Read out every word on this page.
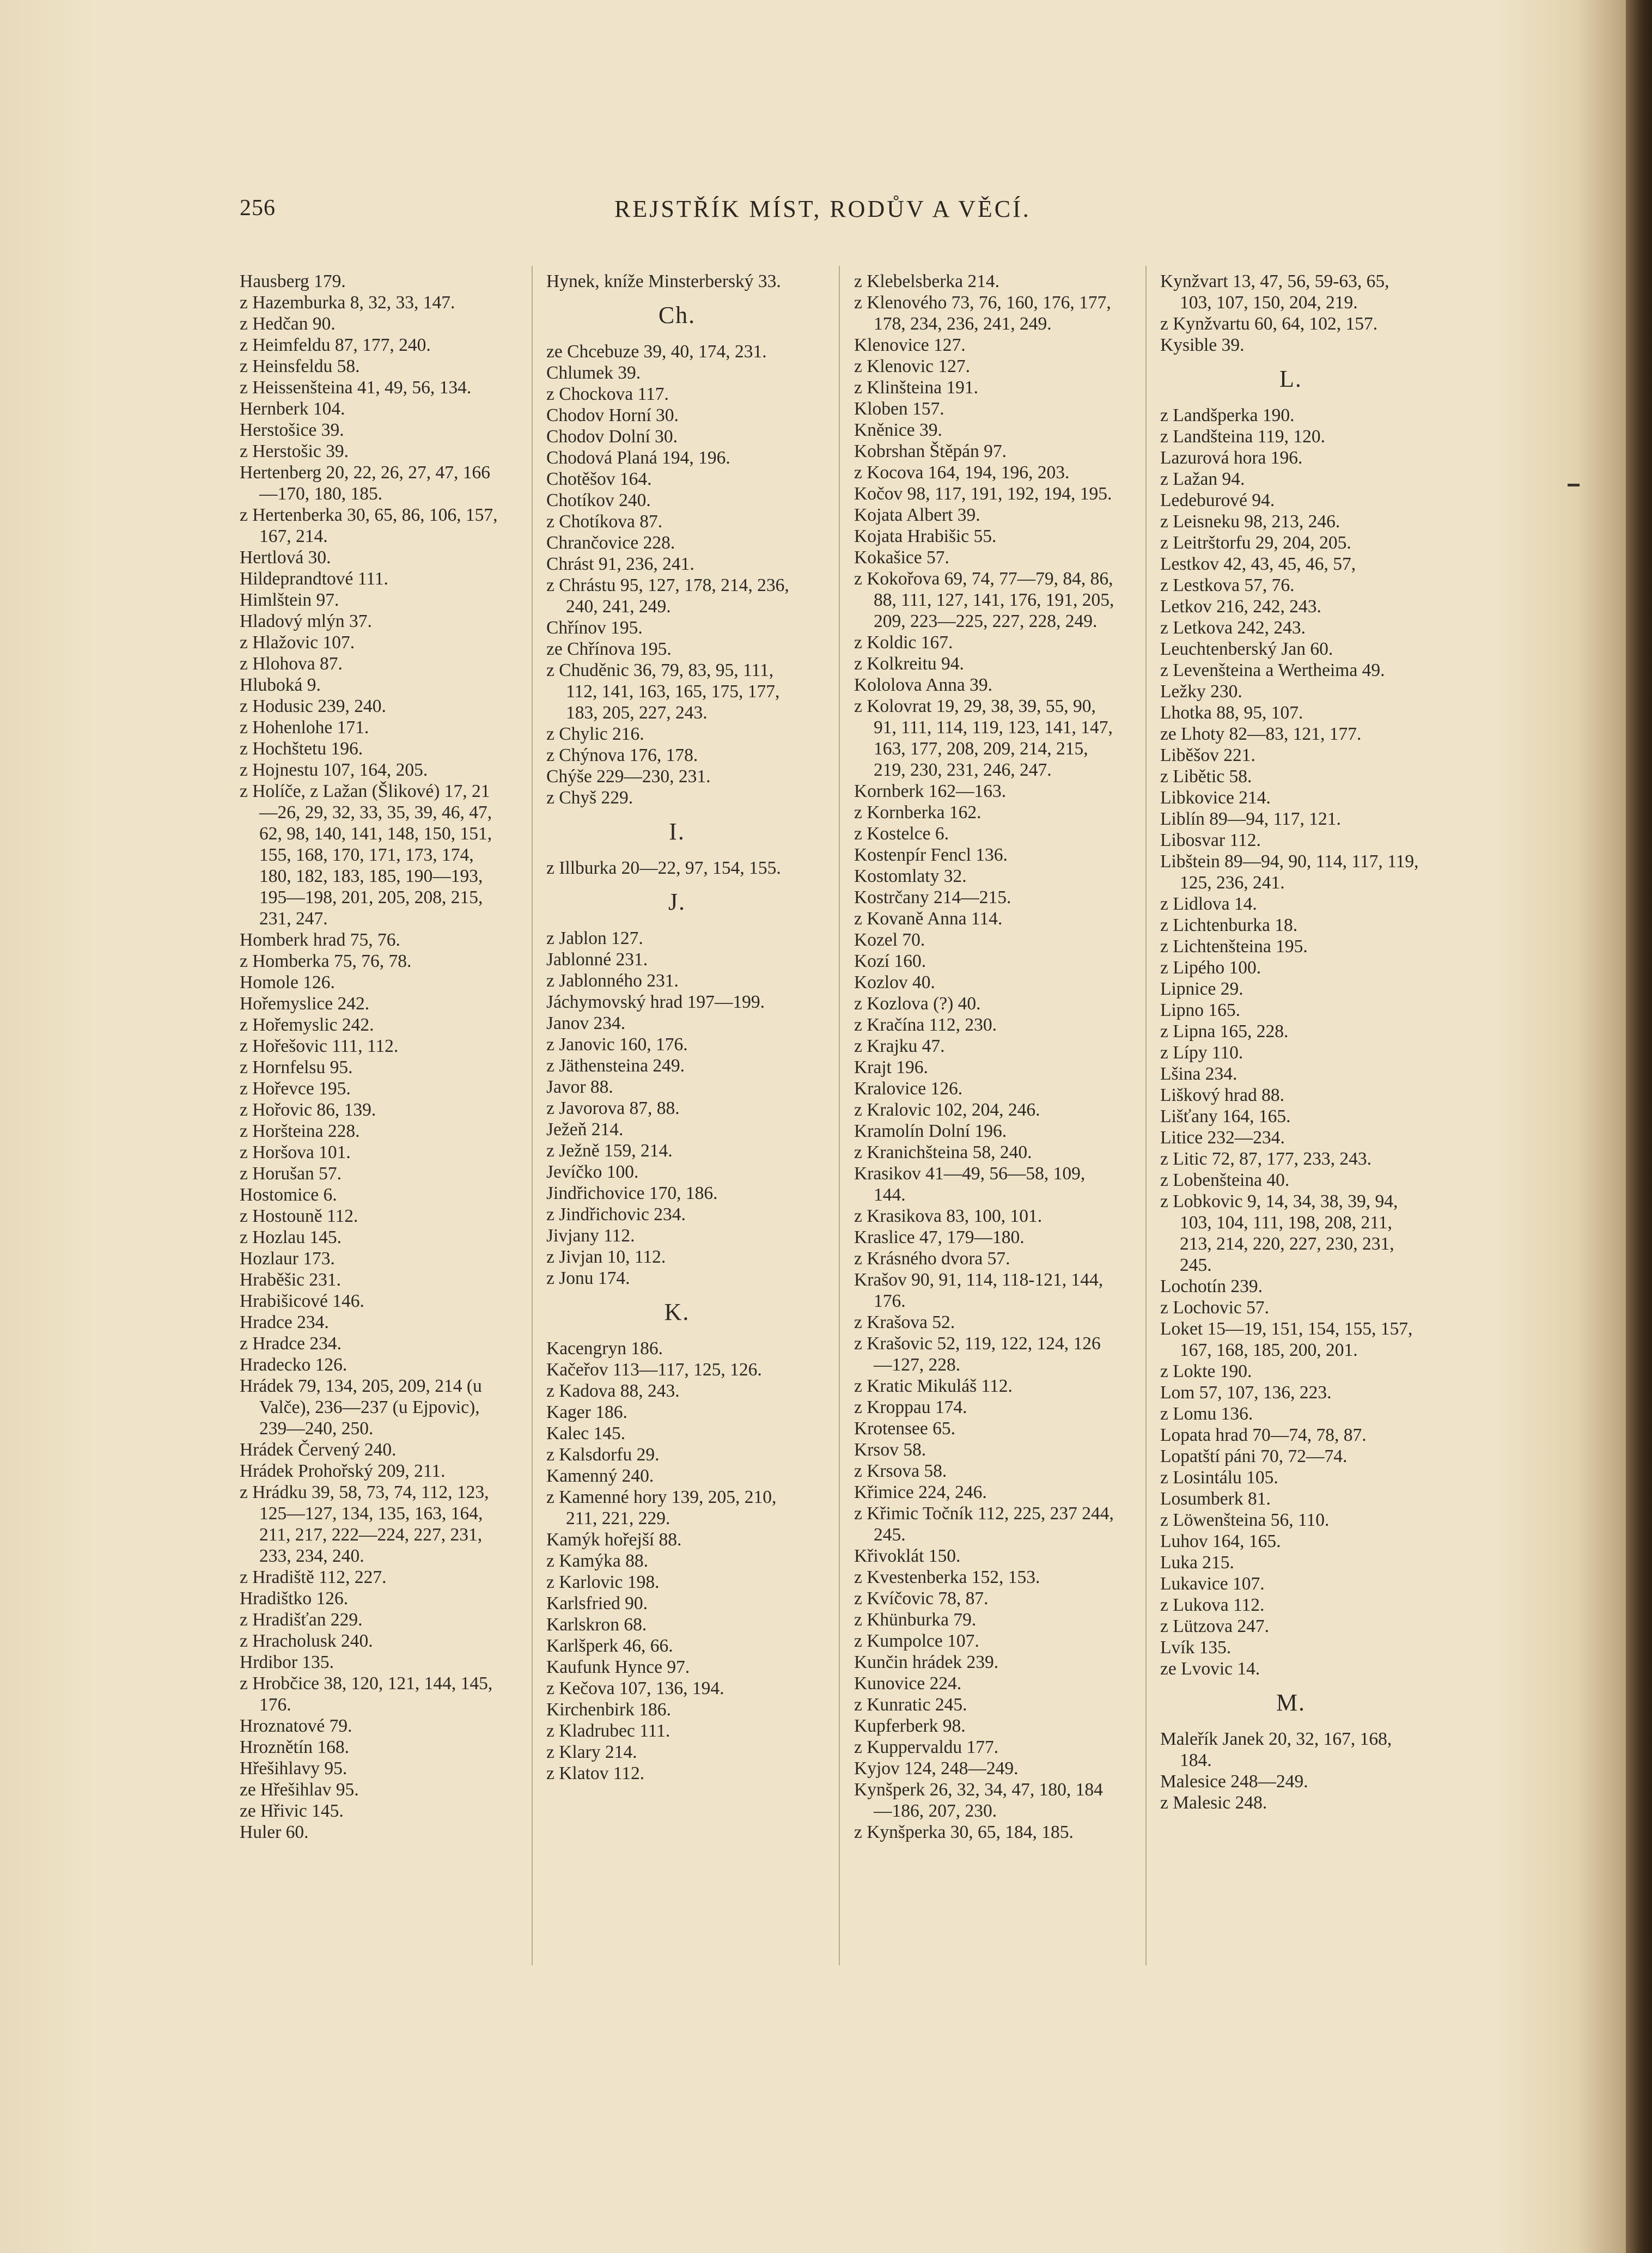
256	REJSTŘÍK MÍST, RODŮV A VĚCÍ.
Hausberg 179.
z Hazemburka 8, 32, 33, 147.
z Hedčan 90.
z Heimfeldu 87, 177, 240.
z Heinsfeldu 58.
z Heissenšteina 41, 49, 56, 134.
Hernberk 104.
Herstošice 39.
z Herstošic 39.
Hertenberg 20, 22, 26, 27, 47, 166—170, 180, 185.
z Hertenberka 30, 65, 86, 106, 157, 167, 214.
Hertlová 30.
Hildeprandtové 111.
Himlštein 97.
Hladový mlýn 37.
z Hlažovic 107.
z Hlohova 87.
Hluboká 9.
z Hodusic 239, 240.
z Hohenlohe 171.
z Hochštetu 196.
z Hojnestu 107, 164, 205.
z Holíče, z Lažan (Šlikové) 17, 21—26, 29, 32, 33, 35, 39, 46, 47, 62, 98, 140, 141, 148, 150, 151, 155, 168, 170, 171, 173, 174, 180, 182, 183, 185, 190—193, 195—198, 201, 205, 208, 215, 231, 247.
Homberk hrad 75, 76.
z Homberka 75, 76, 78.
Homole 126.
Hořemyslice 242.
z Hořemyslic 242.
z Hořešovic 111, 112.
z Hornfelsu 95.
z Hořevce 195.
z Hořovic 86, 139.
z Horšteina 228.
z Horšova 101.
z Horušan 57.
Hostomice 6.
z Hostouně 112.
z Hozlau 145.
Hozlaur 173.
Hraběšic 231.
Hrabišicové 146.
Hradce 234.
z Hradce 234.
Hradecko 126.
Hrádek 79, 134, 205, 209, 214 (u Valče), 236—237 (u Ejpovic), 239—240, 250.
Hrádek Červený 240.
Hrádek Prohořský 209, 211.
z Hrádku 39, 58, 73, 74, 112, 123, 125—127, 134, 135, 163, 164, 211, 217, 222—224, 227, 231, 233, 234, 240.
z Hradiště 112, 227.
Hradištko 126.
z Hradišťan 229.
z Hracholusk 240.
Hrdibor 135.
z Hrobčice 38, 120, 121, 144, 145, 176.
Hroznatové 79.
Hroznětín 168.
Hřešihlavy 95.
ze Hřešihlav 95.
ze Hřivic 145.
Huler 60.
Hynek, kníže Minsterberský 33.
Ch.
ze Chcebuze 39, 40, 174, 231.
Chlumek 39.
z Chockova 117.
Chodov Horní 30.
Chodov Dolní 30.
Chodová Planá 194, 196.
Chotěšov 164.
Chotíkov 240.
z Chotíkova 87.
Chrančovice 228.
Chrást 91, 236, 241.
z Chrástu 95, 127, 178, 214, 236, 240, 241, 249.
Chřínov 195.
ze Chřínova 195.
z Chuděnic 36, 79, 83, 95, 111, 112, 141, 163, 165, 175, 177, 183, 205, 227, 243.
z Chylic 216.
z Chýnova 176, 178.
Chýše 229—230, 231.
z Chyš 229.
I.
z Illburka 20—22, 97, 154, 155.
J.
z Jablon 127.
Jablonné 231.
z Jablonného 231.
Jáchymovský hrad 197—199.
Janov 234.
z Janovic 160, 176.
z Jäthensteina 249.
Javor 88.
z Javorova 87, 88.
Ježeň 214.
z Ježně 159, 214.
Jevíčko 100.
Jindřichovice 170, 186.
z Jindřichovic 234.
Jivjany 112.
z Jivjan 10, 112.
z Jonu 174.
K.
Kacengryn 186.
Kačeřov 113—117, 125, 126.
z Kadova 88, 243.
Kager 186.
Kalec 145.
z Kalsdorfu 29.
Kamenný 240.
z Kamenné hory 139, 205, 210, 211, 221, 229.
Kamýk hořejší 88.
z Kamýka 88.
z Karlovic 198.
Karlsfried 90.
Karlskron 68.
Karlšperk 46, 66.
Kaufunk Hynce 97.
z Kečova 107, 136, 194.
Kirchenbirk 186.
z Kladrubec 111.
z Klary 214.
z Klatov 112.
z Klebelsberka 214.
z Klenového 73, 76, 160, 176, 177, 178, 234, 236, 241, 249.
Klenovice 127.
z Klenovic 127.
z Klinšteina 191.
Kloben 157.
Kněnice 39.
Kobrshan Štěpán 97.
z Kocova 164, 194, 196, 203.
Kočov 98, 117, 191, 192, 194, 195.
Kojata Albert 39.
Kojata Hrabišic 55.
Kokašice 57.
z Kokořova 69, 74, 77—79, 84, 86, 88, 111, 127, 141, 176, 191, 205, 209, 223—225, 227, 228, 249.
z Koldic 167.
z Kolkreitu 94.
Kololova Anna 39.
z Kolovrat 19, 29, 38, 39, 55, 90, 91, 111, 114, 119, 123, 141, 147, 163, 177, 208, 209, 214, 215, 219, 230, 231, 246, 247.
Kornberk 162—163.
z Kornberka 162.
z Kostelce 6.
Kostenpír Fencl 136.
Kostomlaty 32.
Kostrčany 214—215.
z Kovaně Anna 114.
Kozel 70.
Kozí 160.
Kozlov 40.
z Kozlova (?) 40.
z Kračína 112, 230.
z Krajku 47.
Krajt 196.
Kralovice 126.
z Kralovic 102, 204, 246.
Kramolín Dolní 196.
z Kranichšteina 58, 240.
Krasikov 41—49, 56—58, 109, 144.
z Krasikova 83, 100, 101.
Kraslice 47, 179—180.
z Krásného dvora 57.
Krašov 90, 91, 114, 118-121, 144, 176.
z Krašova 52.
z Krašovic 52, 119, 122, 124, 126—127, 228.
z Kratic Mikuláš 112.
z Kroppau 174.
Krotensee 65.
Krsov 58.
z Krsova 58.
Křimice 224, 246.
z Křimic Točník 112, 225, 237 244, 245.
Křivoklát 150.
z Kvestenberka 152, 153.
z Kvíčovic 78, 87.
z Khünburka 79.
z Kumpolce 107.
Kunčin hrádek 239.
Kunovice 224.
z Kunratic 245.
Kupferberk 98.
z Kuppervaldu 177.
Kyjov 124, 248—249.
Kynšperk 26, 32, 34, 47, 180, 184—186, 207, 230.
z Kynšperka 30, 65, 184, 185.
Kynžvart 13, 47, 56, 59-63, 65, 103, 107, 150, 204, 219.
z Kynžvartu 60, 64, 102, 157.
Kysible 39.
L.
z Landšperka 190.
z Landšteina 119, 120.
Lazurová hora 196.
z Lažan 94.
Ledeburové 94.
z Leisneku 98, 213, 246.
z Leitrštorfu 29, 204, 205.
Lestkov 42, 43, 45, 46, 57,
z Lestkova 57, 76.
Letkov 216, 242, 243.
z Letkova 242, 243.
Leuchtenberský Jan 60.
z Levenšteina a Wertheima 49.
Ležky 230.
Lhotka 88, 95, 107.
ze Lhoty 82—83, 121, 177.
Liběšov 221.
z Libětic 58.
Libkovice 214.
Liblín 89—94, 117, 121.
Libosvar 112.
Libštein 89—94, 90, 114, 117, 119, 125, 236, 241.
z Lidlova 14.
z Lichtenburka 18.
z Lichtenšteina 195.
z Lipého 100.
Lipnice 29.
Lipno 165.
z Lipna 165, 228.
z Lípy 110.
Lšina 234.
Liškový hrad 88.
Lišťany 164, 165.
Litice 232—234.
z Litic 72, 87, 177, 233, 243.
z Lobenšteina 40.
z Lobkovic 9, 14, 34, 38, 39, 94, 103, 104, 111, 198, 208, 211, 213, 214, 220, 227, 230, 231, 245.
Lochotín 239.
z Lochovic 57.
Loket 15—19, 151, 154, 155, 157, 167, 168, 185, 200, 201.
z Lokte 190.
Lom 57, 107, 136, 223.
z Lomu 136.
Lopata hrad 70—74, 78, 87.
Lopatští páni 70, 72—74.
z Losintálu 105.
Losumberk 81.
z Löwenšteina 56, 110.
Luhov 164, 165.
Luka 215.
Lukavice 107.
z Lukova 112.
z Lützova 247.
Lvík 135.
ze Lvovic 14.
M.
Maleřík Janek 20, 32, 167, 168, 184.
Malesice 248—249.
z Malesic 248.
